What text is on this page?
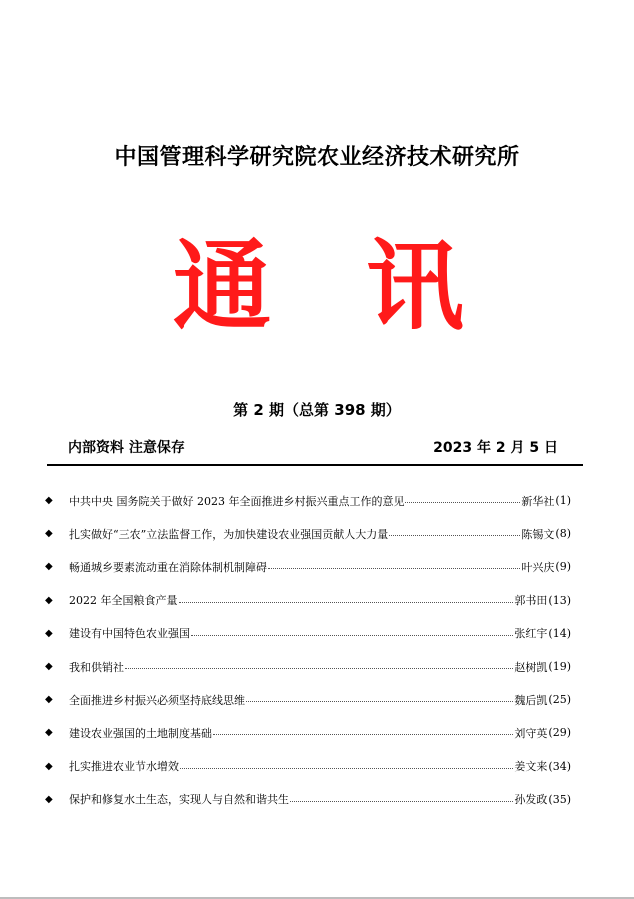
中国管理科学研究院农业经济技术研究所
通 讯
第 2 期（总第 398 期）
内部资料 注意保存	2023 年 2 月 5 日
◆	中共中央 国务院关于做好 2023 年全面推进乡村振兴重点工作的意见	新华社 (1)
◆	扎实做好“三农”立法监督工作，为加快建设农业强国贡献人大力量	陈锡文 (8)
◆	畅通城乡要素流动重在消除体制机制障碍	叶兴庆 (9)
◆	2022 年全国粮食产量	郭书田 (13)
◆	建设有中国特色农业强国	张红宇 (14)
◆	我和供销社	赵树凯 (19)
◆	全面推进乡村振兴必须坚持底线思维	魏后凯 (25)
◆	建设农业强国的土地制度基础	刘守英 (29)
◆	扎实推进农业节水增效	姜文来 (34)
◆	保护和修复水土生态，实现人与自然和谐共生	孙发政 (35)
